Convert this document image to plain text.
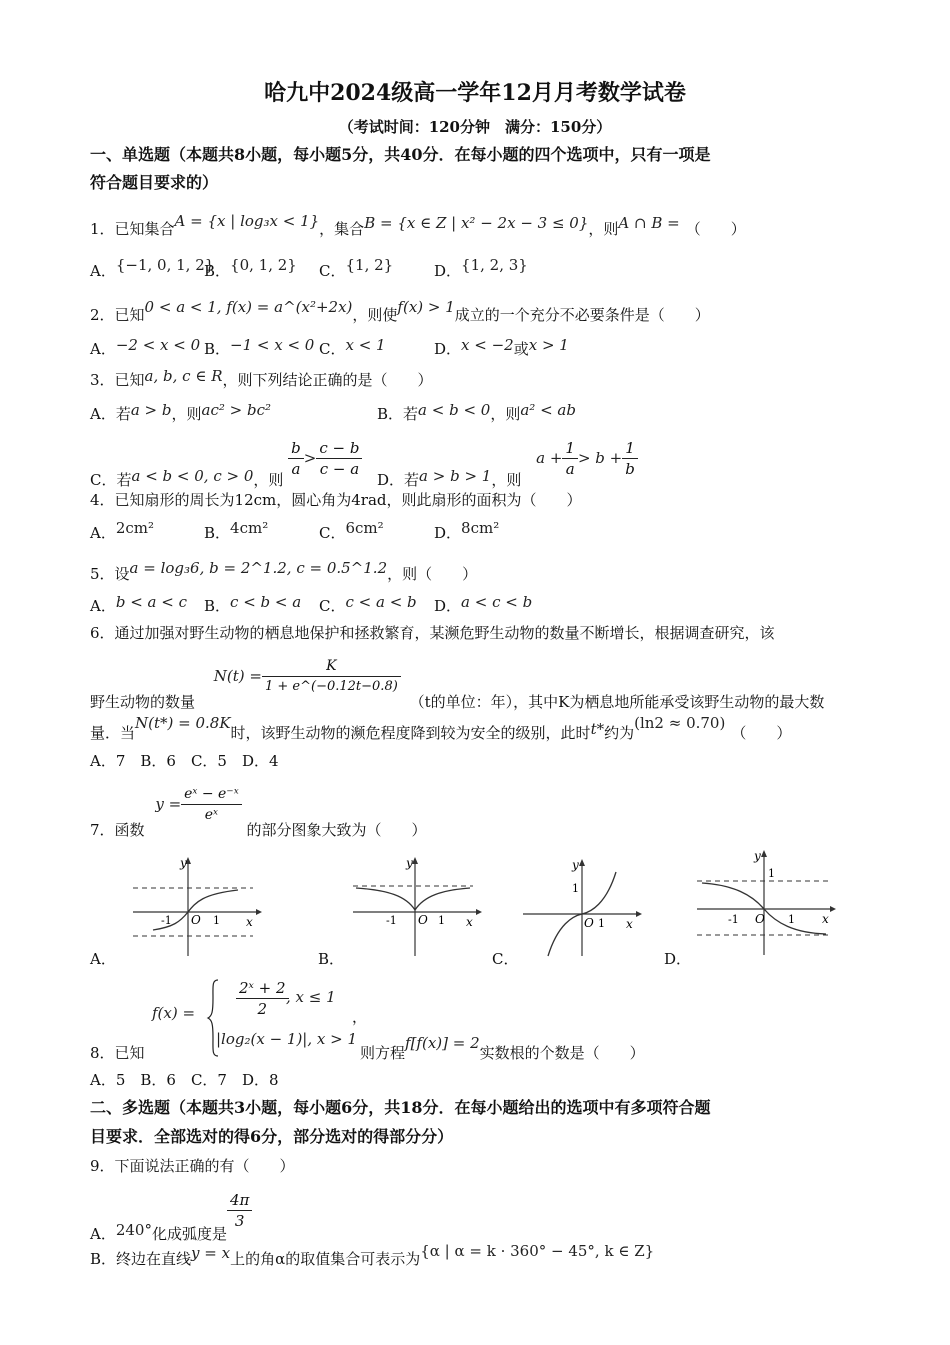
哈九中2024级高一学年12月月考数学试卷
（考试时间：120分钟　满分：150分）
一、单选题（本题共8小题，每小题5分，共40分．在每小题的四个选项中，只有一项是
符合题目要求的）
1．已知集合A = {x | log₃x < 1}，集合B = {x ∈ Z | x² − 2x − 3 ≤ 0}，则A ∩ B = （　　）
A．{−1, 0, 1, 2}
B．{0, 1, 2} C．{1, 2}	D．{1, 2, 3}
2．已知0 < a < 1, f(x) = a^(x²+2x)，则使f(x) > 1成立的一个充分不必要条件是（　　）
A．−2 < x < 0 B．−1 < x < 0 C．x < 1	D．x < −2或x > 1
3．已知a, b, c ∈ R，则下列结论正确的是（　　）
A．若a > b，则ac² > bc²	B．若a < b < 0，则a² < ab
C．若a < b < 0, c > 0，则
$\frac{b}{a} > \frac{c - b}{c - a}$
D．若a > b > 1，则 $a + \frac{1}{a} > b + \frac{1}{b}$
4．已知扇形的周长为12cm，圆心角为4rad，则此扇形的面积为（　　）
A．2cm²	B．4cm²	C．6cm²	D．8cm²
5．设a = log₃6, b = 2^1.2, c = 0.5^1.2，则（　　）
A．b < a < c B．c < b < a C．c < a < b D．a < c < b
6．通过加强对野生动物的栖息地保护和拯救繁育，某濒危野生动物的数量不断增长，根据调查研究，该
野生动物的数量 $N(t) = \frac{K}{1 + e\^{}(-0.12t-0.8)}$
（t的单位：年），其中K为栖息地所能承受该野生动物的最大数
量．当N(t*) = 0.8K时，该野生动物的濒危程度降到较为安全的级别，此时t*约为(ln2 ≈ 0.70)（　　）
A．7　B．6　C．5　D．4
7．函数 $y = \frac{\text{eˣ − e⁻ˣ}}{\text{eˣ}}$
的部分图象大致为（　　）
y
x
O
-1	1
y
x
O
-1	1
y
x
O 1
1
y
x
O
-1	1
1
A．	B．	C．	D．
f(x) =	$\frac{\text{2ˣ + 2}}{2}$
, x ≤ 1
|log₂(x − 1)|, x > 1
，
8．已知	则方程f[f(x)] = 2实数根的个数是（　　）
A．5　B．6　C．7　D．8
二、多选题（本题共3小题，每小题6分，共18分．在每小题给出的选项中有多项符合题
目要求．全部选对的得6分，部分选对的得部分分）
9．下面说法正确的有（　　）
A．240°化成弧度是
$\frac{4\pi}{3}$
B．终边在直线y = x上的角α的取值集合可表示为{α | α = k · 360° − 45°, k ∈ Z}
